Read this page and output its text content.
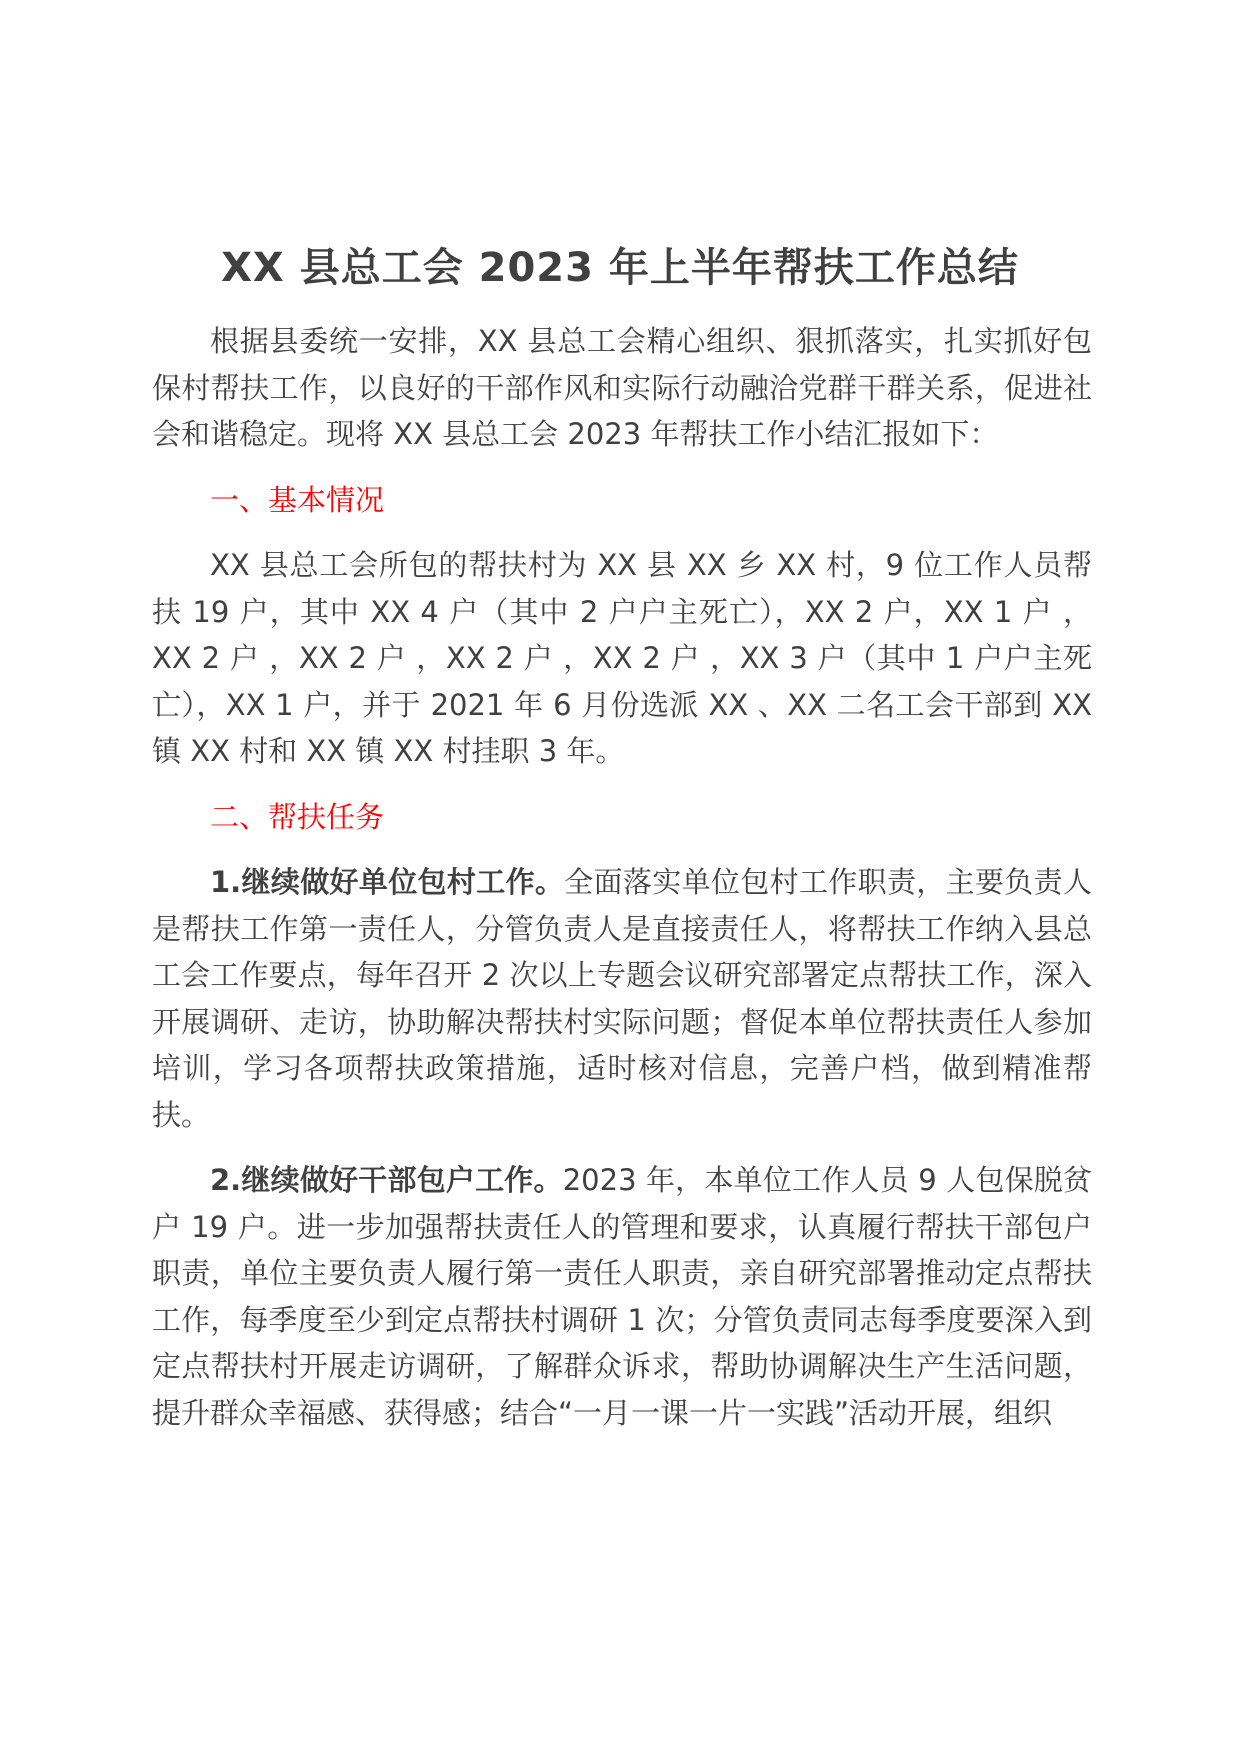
XX 县总工会 2023 年上半年帮扶工作总结

根据县委统一安排，XX 县总工会精心组织、狠抓落实，扎实抓好包保村帮扶工作，以良好的干部作风和实际行动融洽党群干群关系，促进社会和谐稳定。现将 XX 县总工会 2023 年帮扶工作小结汇报如下：

一、基本情况

XX 县总工会所包的帮扶村为 XX 县 XX 乡 XX 村，9 位工作人员帮扶 19 户，其中 XX 4 户（其中 2 户户主死亡），XX 2 户，XX 1 户 ，XX 2 户 ，XX 2 户 ，XX 2 户 ，XX 2 户 ，XX 3 户（其中 1 户户主死亡），XX 1 户，并于 2021 年 6 月份选派 XX 、XX 二名工会干部到 XX 镇 XX 村和 XX 镇 XX 村挂职 3 年。

二、帮扶任务

1.继续做好单位包村工作。全面落实单位包村工作职责，主要负责人是帮扶工作第一责任人，分管负责人是直接责任人，将帮扶工作纳入县总工会工作要点，每年召开 2 次以上专题会议研究部署定点帮扶工作，深入开展调研、走访，协助解决帮扶村实际问题；督促本单位帮扶责任人参加培训，学习各项帮扶政策措施，适时核对信息，完善户档，做到精准帮扶。

2.继续做好干部包户工作。2023 年，本单位工作人员 9 人包保脱贫户 19 户。进一步加强帮扶责任人的管理和要求，认真履行帮扶干部包户职责，单位主要负责人履行第一责任人职责，亲自研究部署推动定点帮扶工作，每季度至少到定点帮扶村调研 1 次；分管负责同志每季度要深入到定点帮扶村开展走访调研，了解群众诉求，帮助协调解决生产生活问题，提升群众幸福感、获得感；结合“一月一课一片一实践”活动开展，组织
